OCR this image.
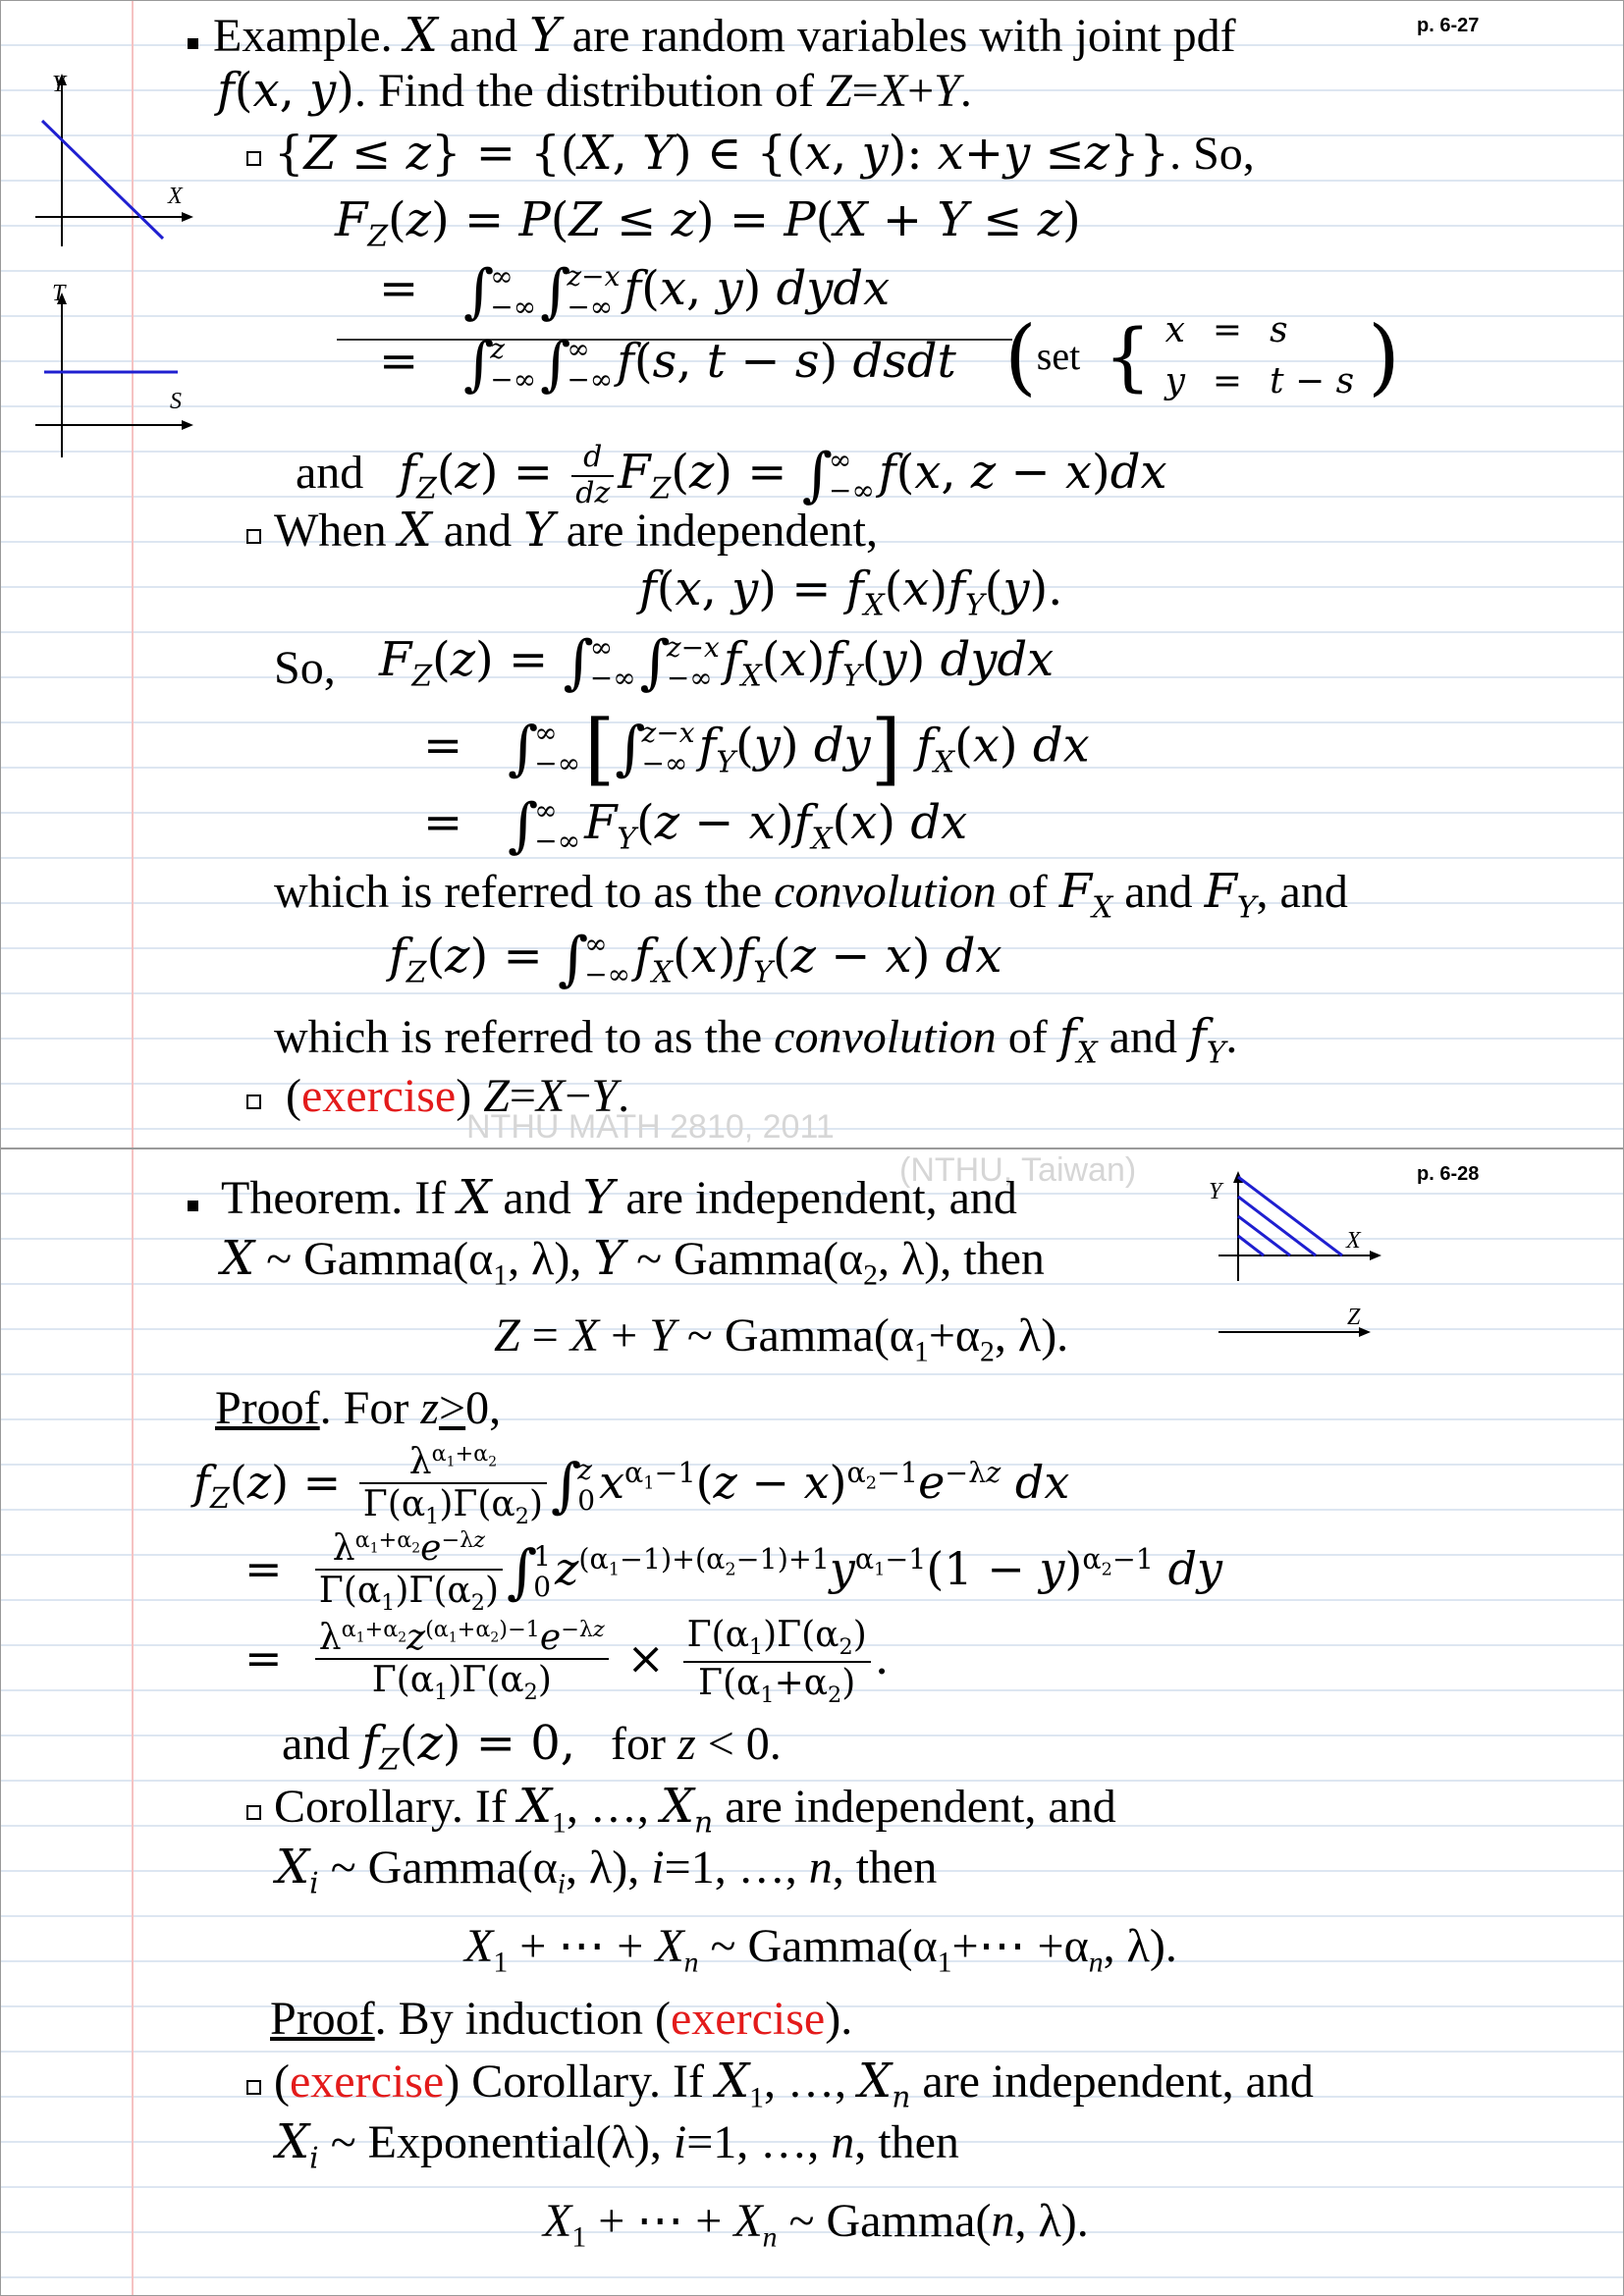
p. 6-27
Y
X
T
S
Example. X and Y are random variables with joint pdf
f(x, y). Find the distribution of Z=X+Y.
{Z ≤ z} = {(X, Y) ∈ {(x, y): x+y ≤z}}. So,
$F_Z(z) = P(Z \le z) = P(X + Y \le z)$
=   ∫
∞
−∞ ∫
z−x
−∞ f(x, y) dydx
=   ∫
z
−∞ ∫
∞
−∞ f(s, t − s) dsdt (set { x	=	s
y	=	t − s )
and $f_Z(z) = \frac{d}{dz} F_Z(z)$ = ∫
∞
−∞ f(x, z − x)dx
When X and Y are independent,
f(x, $y) = f_X(x)f_Y(y)$.
So, $F_Z(z)$ = ∫
∞
−∞ ∫
z−x
−∞ $f_X(x)f_Y(y)$ dydx
=   ∫
∞
−∞ [∫
z−x
−∞ $f_Y(y)$ dy] $f_X(x)$ dx
=   ∫
∞
−∞ $F_Y(z - x)f_X(x)$ dx
which is referred to as the convolution of $F_X$ and $F_Y$, and
$f_Z(z)$ = ∫
∞
−∞ $f_X(x)f_Y(z - x)$ dx
which is referred to as the convolution of $f_X$ and $f_Y$.
(exercise) Z=X−Y.
NTHU MATH 2810, 2011
p. 6-28
(NTHU, Taiwan)
Y
X
Z
Theorem. If X and Y are independent, and
X ~ $Gamma(\alpha_1$, λ), Y ~ $Gamma(\alpha_2$, λ), then
Z = X + Y ~ $Gamma(\alpha_1+\alpha_2$, λ).
Proof. For z>0,
$f_Z(z) = \frac{\lambda^{\alpha_1+\alpha_2}}{\Gamma(\alpha_1)\Gamma(\alpha_2)}$ ∫
z
0 $x^{\alpha_1-1}(z - x)^{\alpha_2-1}e^{-\lambda z}$ dx
= $\frac{\lambda^{\alpha_1+\alpha_2}e^{-\lambda z}}{\Gamma(\alpha_1)\Gamma(\alpha_2)}$ ∫
1
0 $z^{(\alpha_1-1)+(\alpha_2-1)+1}y^{\alpha_1-1}(1 - y)^{\alpha_2-1}$ dy
= $\frac{\lambda^{\alpha_1+\alpha_2}z^{(\alpha_1+\alpha_2)-1}e^{-\lambda z}}{\Gamma(\alpha_1)\Gamma(\alpha_2)} \times \frac{\Gamma(\alpha_1)\Gamma(\alpha_2)}{\Gamma(\alpha_1+\alpha_2)}$ .
and $f_Z(z) = 0$, for z < 0.
Corollary. If $X_1$, …, $X_n$ are independent, and
$X_i$ ~ $Gamma(\alpha_i$, λ), i=1, …, n, then
$X_1$ + ⋯ + $X_n$ ~ $Gamma(\alpha_1+\cdots +\alpha_n$, λ).
Proof. By induction (exercise).
(exercise) Corollary. If $X_1$, …, $X_n$ are independent, and
$X_i$ ~ Exponential(λ), i=1, …, n, then
$X_1$ + ⋯ + $X_n$ ~ Gamma(n, λ).
